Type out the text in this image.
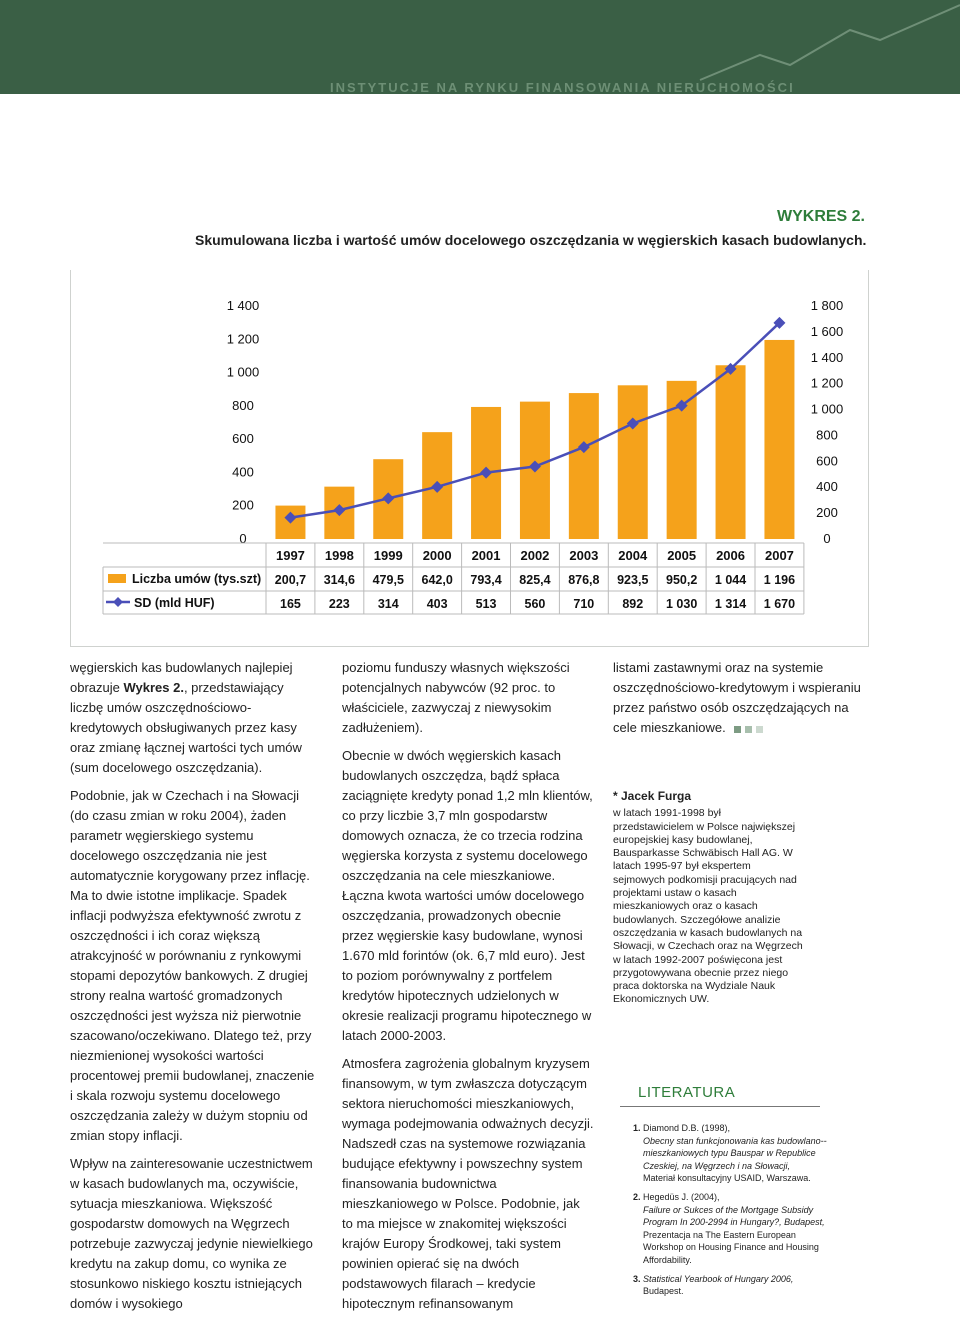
INSTYTUCJE NA RYNKU FINANSOWANIA NIERUCHOMOŚCI
WYKRES 2.
Skumulowana liczba i wartość umów docelowego oszczędzania w węgierskich kasach budowlanych.
0
200
400
600
800
1 000
1 200
1 400
0
200
400
600
800
1 000
1 200
1 400
1 600
1 800
1997 1998 1999 2000 2001 2002 2003 2004 2005 2006 2007
Liczba umów (tys.szt)
SD (mld HUF)
200,7 314,6 479,5 642,0 793,4 825,4 876,8 923,5 950,2 1 044 1 196
165 223 314 403 513 560 710 892 1 030 1 314 1 670

węgierskich kas budowlanych najlepiej obrazuje Wykres 2., przedstawiający liczbę umów oszczędnościowo-kredytowych obsługiwanych przez kasy oraz zmianę łącznej wartości tych umów (sum docelowego oszczędzania).

Podobnie, jak w Czechach i na Słowacji (do czasu zmian w roku 2004), żaden parametr węgierskiego systemu docelowego oszczędzania nie jest automatycznie korygowany przez inflację. Ma to dwie istotne implikacje. Spadek inflacji podwyższa efektywność zwrotu z oszczędności i ich coraz większą atrakcyjność w porównaniu z rynkowymi stopami depozytów bankowych. Z drugiej strony realna wartość gromadzonych oszczędności jest wyższa niż pierwotnie szacowano/oczekiwano. Dlatego też, przy niezmienionej wysokości wartości procentowej premii budowlanej, znaczenie i skala rozwoju systemu docelowego oszczędzania zależy w dużym stopniu od zmian stopy inflacji.

Wpływ na zainteresowanie uczestnictwem w kasach budowlanych ma, oczywiście, sytuacja mieszkaniowa. Większość gospodarstw domowych na Węgrzech potrzebuje zazwyczaj jedynie niewielkiego kredytu na zakup domu, co wynika ze stosunkowo niskiego kosztu istniejących domów i wysokiego

poziomu funduszy własnych większości potencjalnych nabywców (92 proc. to właściciele, zazwyczaj z niewysokim zadłużeniem).

Obecnie w dwóch węgierskich kasach budowlanych oszczędza, bądź spłaca zaciągnięte kredyty ponad 1,2 mln klientów, co przy liczbie 3,7 mln gospodarstw domowych oznacza, że co trzecia rodzina węgierska korzysta z systemu docelowego oszczędzania na cele mieszkaniowe. Łączna kwota wartości umów docelowego oszczędzania, prowadzonych obecnie przez węgierskie kasy budowlane, wynosi 1.670 mld forintów (ok. 6,7 mld euro). Jest to poziom porównywalny z portfelem kredytów hipotecznych udzielonych w okresie realizacji programu hipotecznego w latach 2000-2003.

Atmosfera zagrożenia globalnym kryzysem finansowym, w tym zwłaszcza dotyczącym sektora nieruchomości mieszkaniowych, wymaga podejmowania odważnych decyzji. Nadszedł czas na systemowe rozwiązania budujące efektywny i powszechny system finansowania budownictwa mieszkaniowego w Polsce. Podobnie, jak to ma miejsce w znakomitej większości krajów Europy Środkowej, taki system powinien opierać się na dwóch podstawowych filarach – kredycie hipotecznym refinansowanym

listami zastawnymi oraz na systemie oszczędnościowo-kredytowym i wspieraniu przez państwo osób oszczędzających na cele mieszkaniowe.

* Jacek Furga
w latach 1991-1998 był przedstawicielem w Polsce największej europejskiej kasy budowlanej, Bausparkasse Schwäbisch Hall AG. W latach 1995-97 był ekspertem sejmowych podkomisji pracujących nad projektami ustaw o kasach mieszkaniowych oraz o kasach budowlanych. Szczegółowe analizie oszczędzania w kasach budowlanych na Słowacji, w Czechach oraz na Węgrzech w latach 1992-2007 poświęcona jest przygotowywana obecnie przez niego praca doktorska na Wydziale Nauk Ekonomicznych UW.
LITERATURA
1. Diamond D.B. (1998),
Obecny stan funkcjonowania kas budowlano--mieszkaniowych typu Bauspar w Republice Czeskiej, na Węgrzech i na Słowacji,
Materiał konsultacyjny USAID, Warszawa.
2. Hegedüs J. (2004),
Failure or Sukces of the Mortgage Subsidy Program In 200-2994 in Hungary?, Budapest,
Prezentacja na The Eastern European Workshop on Housing Finance and Housing Affordability.
3. Statistical Yearbook of Hungary 2006,
Budapest.
